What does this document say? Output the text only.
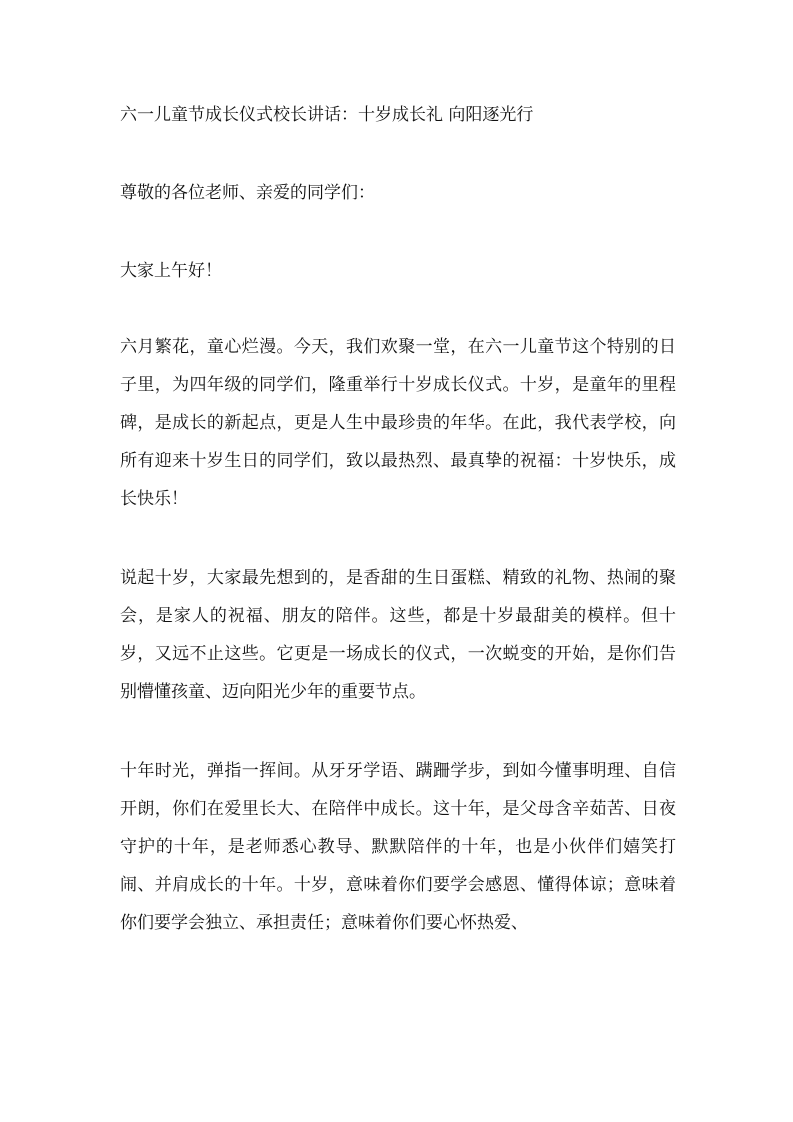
六一儿童节成长仪式校长讲话：十岁成长礼 向阳逐光行

尊敬的各位老师、亲爱的同学们：

大家上午好！

六月繁花，童心烂漫。今天，我们欢聚一堂，在六一儿童节这个特别的日子里，为四年级的同学们，隆重举行十岁成长仪式。十岁，是童年的里程碑，是成长的新起点，更是人生中最珍贵的年华。在此，我代表学校，向所有迎来十岁生日的同学们，致以最热烈、最真挚的祝福：十岁快乐，成长快乐！

说起十岁，大家最先想到的，是香甜的生日蛋糕、精致的礼物、热闹的聚会，是家人的祝福、朋友的陪伴。这些，都是十岁最甜美的模样。但十岁，又远不止这些。它更是一场成长的仪式，一次蜕变的开始，是你们告别懵懂孩童、迈向阳光少年的重要节点。

十年时光，弹指一挥间。从牙牙学语、蹒跚学步，到如今懂事明理、自信开朗，你们在爱里长大、在陪伴中成长。这十年，是父母含辛茹苦、日夜守护的十年，是老师悉心教导、默默陪伴的十年，也是小伙伴们嬉笑打闹、并肩成长的十年。十岁，意味着你们要学会感恩、懂得体谅；意味着你们要学会独立、承担责任；意味着你们要心怀热爱、
